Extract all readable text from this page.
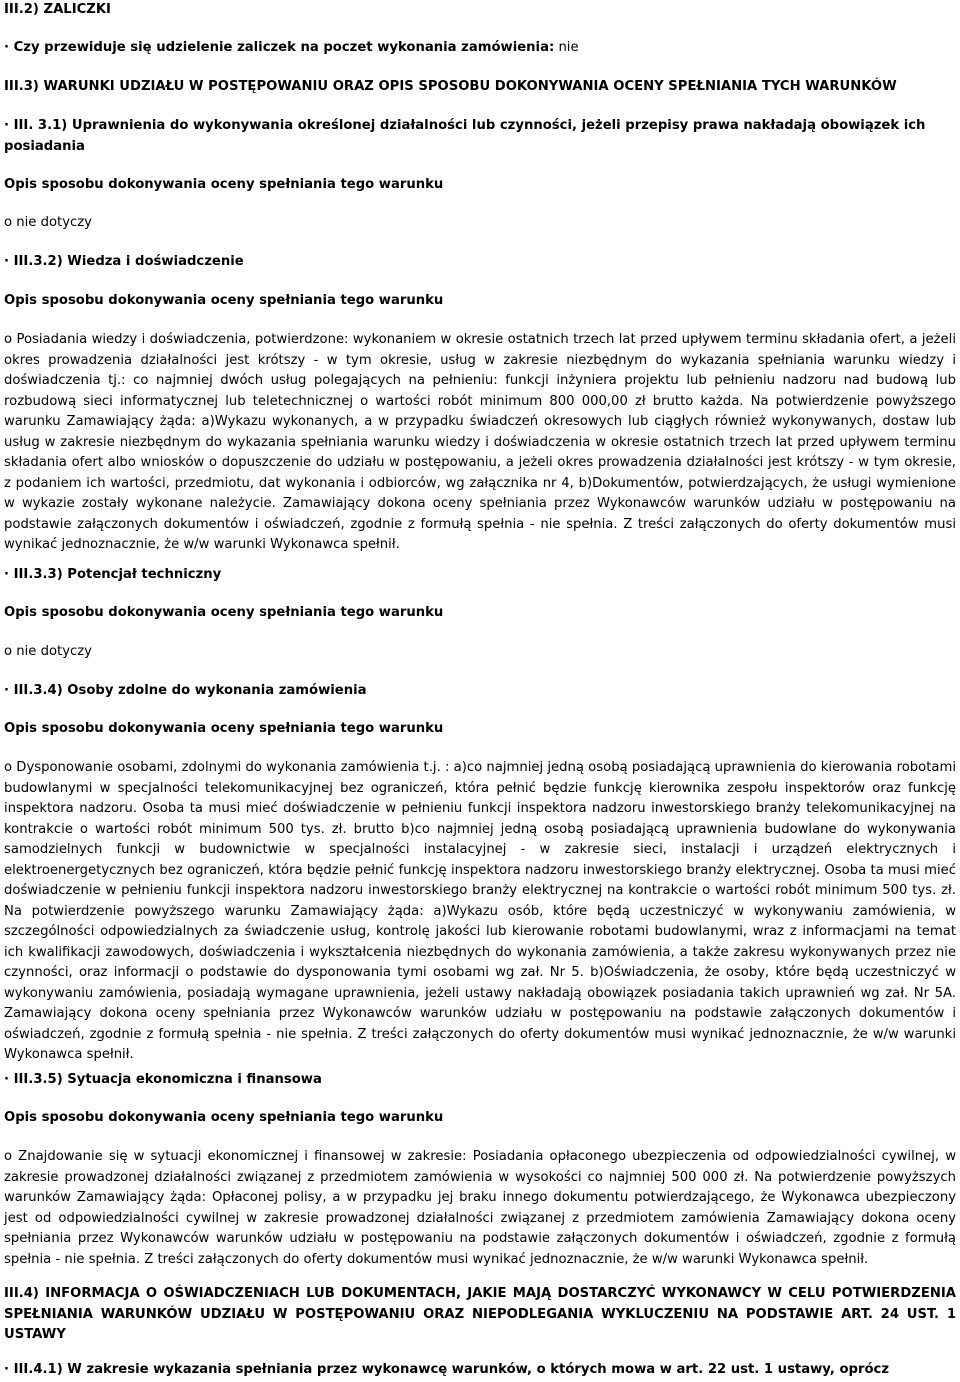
III.2) ZALICZKI
· Czy przewiduje się udzielenie zaliczek na poczet wykonania zamówienia: nie
III.3) WARUNKI UDZIAŁU W POSTĘPOWANIU ORAZ OPIS SPOSOBU DOKONYWANIA OCENY SPEŁNIANIA TYCH WARUNKÓW
· III. 3.1) Uprawnienia do wykonywania określonej działalności lub czynności, jeżeli przepisy prawa nakładają obowiązek ich posiadania
Opis sposobu dokonywania oceny spełniania tego warunku
o nie dotyczy
· III.3.2) Wiedza i doświadczenie
Opis sposobu dokonywania oceny spełniania tego warunku
o Posiadania wiedzy i doświadczenia, potwierdzone: wykonaniem w okresie ostatnich trzech lat przed upływem terminu składania ofert, a jeżeli okres prowadzenia działalności jest krótszy - w tym okresie, usług w zakresie niezbędnym do wykazania spełniania warunku wiedzy i doświadczenia tj.: co najmniej dwóch usług polegających na pełnieniu: funkcji inżyniera projektu lub pełnieniu nadzoru nad budową lub rozbudową sieci informatycznej lub teletechnicznej o wartości robót minimum 800 000,00 zł brutto każda. Na potwierdzenie powyższego warunku Zamawiający żąda: a)Wykazu wykonanych, a w przypadku świadczeń okresowych lub ciągłych również wykonywanych, dostaw lub usług w zakresie niezbędnym do wykazania spełniania warunku wiedzy i doświadczenia w okresie ostatnich trzech lat przed upływem terminu składania ofert albo wniosków o dopuszczenie do udziału w postępowaniu, a jeżeli okres prowadzenia działalności jest krótszy - w tym okresie, z podaniem ich wartości, przedmiotu, dat wykonania i odbiorców, wg załącznika nr 4, b)Dokumentów, potwierdzających, że usługi wymienione w wykazie zostały wykonane należycie. Zamawiający dokona oceny spełniania przez Wykonawców warunków udziału w postępowaniu na podstawie załączonych dokumentów i oświadczeń, zgodnie z formułą spełnia - nie spełnia. Z treści załączonych do oferty dokumentów musi wynikać jednoznacznie, że w/w warunki Wykonawca spełnił.
· III.3.3) Potencjał techniczny
Opis sposobu dokonywania oceny spełniania tego warunku
o nie dotyczy
· III.3.4) Osoby zdolne do wykonania zamówienia
Opis sposobu dokonywania oceny spełniania tego warunku
o Dysponowanie osobami, zdolnymi do wykonania zamówienia t.j. : a)co najmniej jedną osobą posiadającą uprawnienia do kierowania robotami budowlanymi w specjalności telekomunikacyjnej bez ograniczeń, która pełnić będzie funkcję kierownika zespołu inspektorów oraz funkcję inspektora nadzoru. Osoba ta musi mieć doświadczenie w pełnieniu funkcji inspektora nadzoru inwestorskiego branży telekomunikacyjnej na kontrakcie o wartości robót minimum 500 tys. zł. brutto b)co najmniej jedną osobą posiadającą uprawnienia budowlane do wykonywania samodzielnych funkcji w budownictwie w specjalności instalacyjnej - w zakresie sieci, instalacji i urządzeń elektrycznych i elektroenergetycznych bez ograniczeń, która będzie pełnić funkcję inspektora nadzoru inwestorskiego branży elektrycznej. Osoba ta musi mieć doświadczenie w pełnieniu funkcji inspektora nadzoru inwestorskiego branży elektrycznej na kontrakcie o wartości robót minimum 500 tys. zł. Na potwierdzenie powyższego warunku Zamawiający żąda: a)Wykazu osób, które będą uczestniczyć w wykonywaniu zamówienia, w szczególności odpowiedzialnych za świadczenie usług, kontrolę jakości lub kierowanie robotami budowlanymi, wraz z informacjami na temat ich kwalifikacji zawodowych, doświadczenia i wykształcenia niezbędnych do wykonania zamówienia, a także zakresu wykonywanych przez nie czynności, oraz informacji o podstawie do dysponowania tymi osobami wg zał. Nr 5. b)Oświadczenia, że osoby, które będą uczestniczyć w wykonywaniu zamówienia, posiadają wymagane uprawnienia, jeżeli ustawy nakładają obowiązek posiadania takich uprawnień wg zał. Nr 5A. Zamawiający dokona oceny spełniania przez Wykonawców warunków udziału w postępowaniu na podstawie załączonych dokumentów i oświadczeń, zgodnie z formułą spełnia - nie spełnia. Z treści załączonych do oferty dokumentów musi wynikać jednoznacznie, że w/w warunki Wykonawca spełnił.
· III.3.5) Sytuacja ekonomiczna i finansowa
Opis sposobu dokonywania oceny spełniania tego warunku
o Znajdowanie się w sytuacji ekonomicznej i finansowej w zakresie: Posiadania opłaconego ubezpieczenia od odpowiedzialności cywilnej, w zakresie prowadzonej działalności związanej z przedmiotem zamówienia w wysokości co najmniej 500 000 zł. Na potwierdzenie powyższych warunków Zamawiający żąda: Opłaconej polisy, a w przypadku jej braku innego dokumentu potwierdzającego, że Wykonawca ubezpieczony jest od odpowiedzialności cywilnej w zakresie prowadzonej działalności związanej z przedmiotem zamówienia Zamawiający dokona oceny spełniania przez Wykonawców warunków udziału w postępowaniu na podstawie załączonych dokumentów i oświadczeń, zgodnie z formułą spełnia - nie spełnia. Z treści załączonych do oferty dokumentów musi wynikać jednoznacznie, że w/w warunki Wykonawca spełnił.
III.4) INFORMACJA O OŚWIADCZENIACH LUB DOKUMENTACH, JAKIE MAJĄ DOSTARCZYĆ WYKONAWCY W CELU POTWIERDZENIA SPEŁNIANIA WARUNKÓW UDZIAŁU W POSTĘPOWANIU ORAZ NIEPODLEGANIA WYKLUCZENIU NA PODSTAWIE ART. 24 UST. 1 USTAWY
· III.4.1) W zakresie wykazania spełniania przez wykonawcę warunków, o których mowa w art. 22 ust. 1 ustawy, oprócz
